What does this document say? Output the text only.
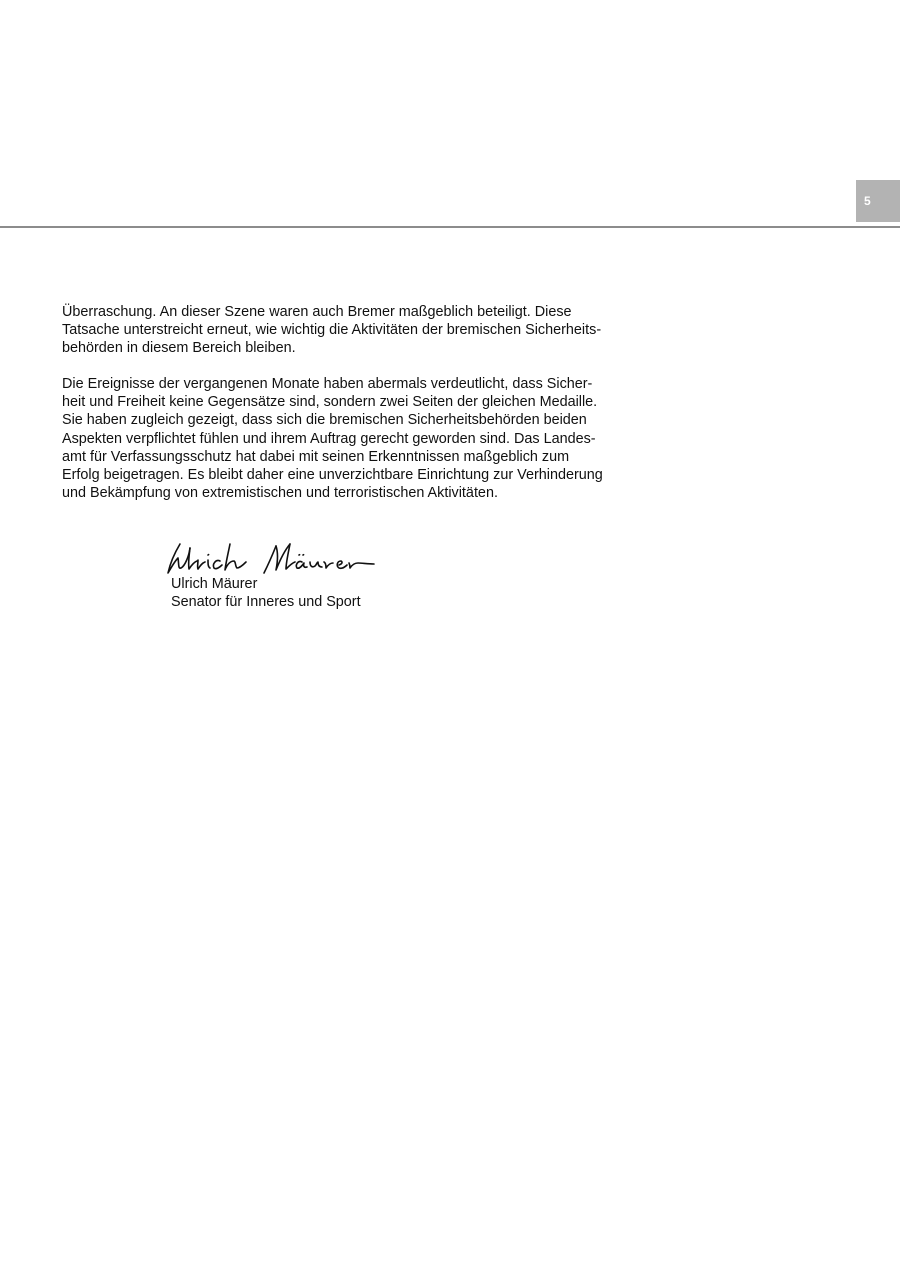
5
Überraschung. An dieser Szene waren auch Bremer maßgeblich beteiligt. Diese
Tatsache unterstreicht erneut, wie wichtig die Aktivitäten der bremischen Sicherheits-
behörden in diesem Bereich bleiben.
Die Ereignisse der vergangenen Monate haben abermals verdeutlicht, dass Sicher-
heit und Freiheit keine Gegensätze sind, sondern zwei Seiten der gleichen Medaille.
Sie haben zugleich gezeigt, dass sich die bremischen Sicherheitsbehörden beiden
Aspekten verpflichtet fühlen und ihrem Auftrag gerecht geworden sind. Das Landes-
amt für Verfassungsschutz hat dabei mit seinen Erkenntnissen maßgeblich zum
Erfolg beigetragen. Es bleibt daher eine unverzichtbare Einrichtung zur Verhinderung
und Bekämpfung von extremistischen und terroristischen Aktivitäten.
Ulrich Mäurer
Senator für Inneres und Sport
